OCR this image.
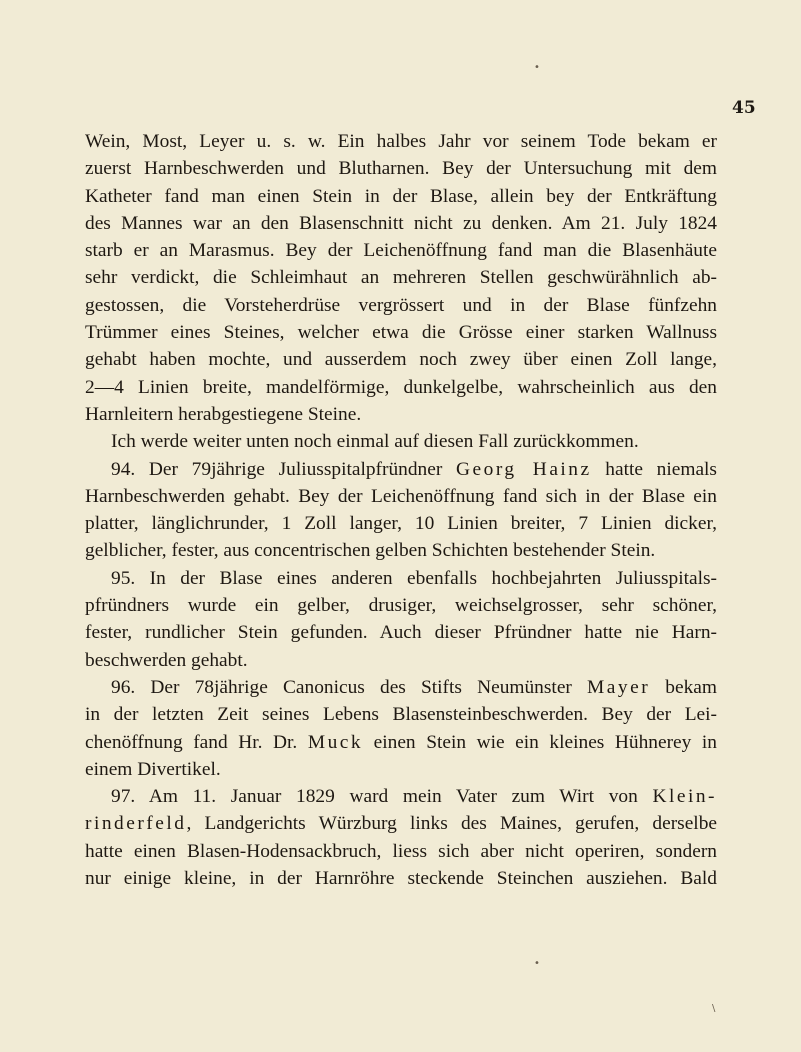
•
45
Wein, Most, Leyer u. s. w. Ein halbes Jahr vor seinem Tode bekam er
zuerst Harnbeschwerden und Blutharnen. Bey der Untersuchung mit dem
Katheter fand man einen Stein in der Blase, allein bey der Entkräftung
des Mannes war an den Blasenschnitt nicht zu denken. Am 21. July 1824
starb er an Marasmus. Bey der Leichenöffnung fand man die Blasenhäute
sehr verdickt, die Schleimhaut an mehreren Stellen geschwürähnlich ab-
gestossen, die Vorsteherdrüse vergrössert und in der Blase fünfzehn
Trümmer eines Steines, welcher etwa die Grösse einer starken Wallnuss
gehabt haben mochte, und ausserdem noch zwey über einen Zoll lange,
2—4 Linien breite, mandelförmige, dunkelgelbe, wahrscheinlich aus den
Harnleitern herabgestiegene Steine.
Ich werde weiter unten noch einmal auf diesen Fall zurückkommen.
94. Der 79jährige Juliusspitalpfründner Georg Hainz hatte niemals
Harnbeschwerden gehabt. Bey der Leichenöffnung fand sich in der Blase ein
platter, länglichrunder, 1 Zoll langer, 10 Linien breiter, 7 Linien dicker,
gelblicher, fester, aus concentrischen gelben Schichten bestehender Stein.
95. In der Blase eines anderen ebenfalls hochbejahrten Juliusspitals-
pfründners wurde ein gelber, drusiger, weichselgrosser, sehr schöner,
fester, rundlicher Stein gefunden. Auch dieser Pfründner hatte nie Harn-
beschwerden gehabt.
96. Der 78jährige Canonicus des Stifts Neumünster Mayer bekam
in der letzten Zeit seines Lebens Blasensteinbeschwerden. Bey der Lei-
chenöffnung fand Hr. Dr. Muck einen Stein wie ein kleines Hühnerey in
einem Divertikel.
97. Am 11. Januar 1829 ward mein Vater zum Wirt von Klein-
rinderfeld, Landgerichts Würzburg links des Maines, gerufen, derselbe
hatte einen Blasen-Hodensackbruch, liess sich aber nicht operiren, sondern
nur einige kleine, in der Harnröhre steckende Steinchen ausziehen. Bald
•
\
